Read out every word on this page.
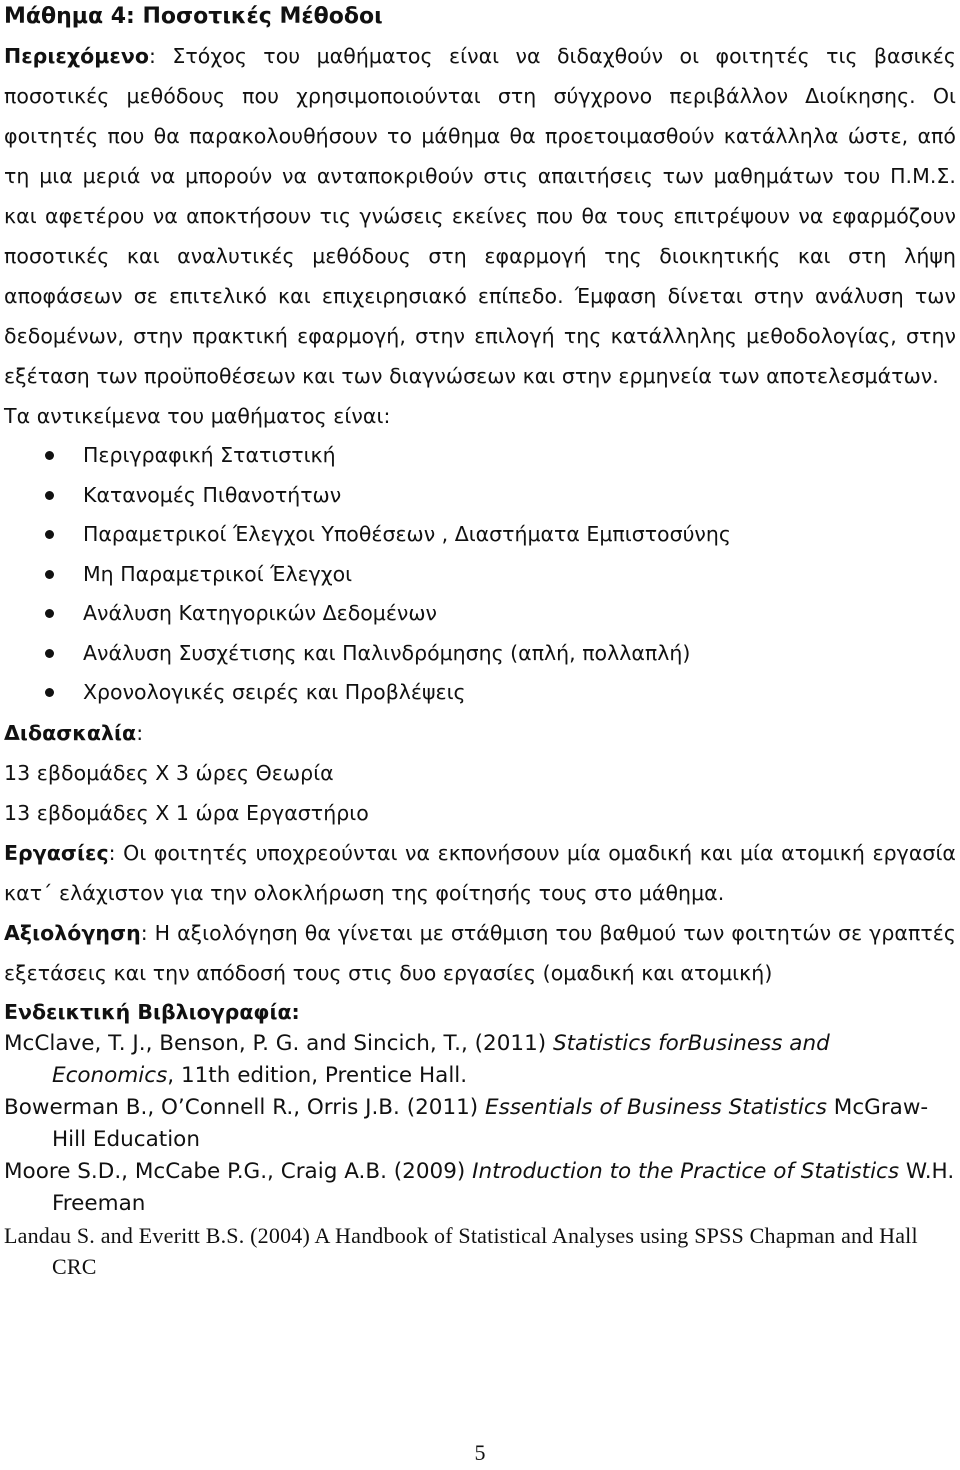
Μάθημα 4: Ποσοτικές Μέθοδοι

Περιεχόμενο: Στόχος του μαθήματος είναι να διδαχθούν οι φοιτητές τις βασικές ποσοτικές μεθόδους που χρησιμοποιούνται στη σύγχρονο περιβάλλον Διοίκησης. Οι φοιτητές που θα παρακολουθήσουν το μάθημα θα προετοιμασθούν κατάλληλα ώστε, από τη μια μεριά να μπορούν να ανταποκριθούν στις απαιτήσεις των μαθημάτων του Π.Μ.Σ. και αφετέρου να αποκτήσουν τις γνώσεις εκείνες που θα τους επιτρέψουν να εφαρμόζουν ποσοτικές και αναλυτικές μεθόδους στη εφαρμογή της διοικητικής και στη λήψη αποφάσεων σε επιτελικό και επιχειρησιακό επίπεδο. Έμφαση δίνεται στην ανάλυση των δεδομένων, στην πρακτική εφαρμογή, στην επιλογή της κατάλληλης μεθοδολογίας, στην εξέταση των προϋποθέσεων και των διαγνώσεων και στην ερμηνεία των αποτελεσμάτων.

Τα αντικείμενα του μαθήματος είναι:

Περιγραφική Στατιστική
Κατανομές Πιθανοτήτων
Παραμετρικοί Έλεγχοι Υποθέσεων , Διαστήματα Εμπιστοσύνης
Μη Παραμετρικοί Έλεγχοι
Ανάλυση Κατηγορικών Δεδομένων
Ανάλυση Συσχέτισης και Παλινδρόμησης (απλή, πολλαπλή)
Χρονολογικές σειρές και Προβλέψεις

Διδασκαλία:

13 εβδομάδες Χ 3 ώρες Θεωρία

13 εβδομάδες Χ 1 ώρα Εργαστήριο

Εργασίες: Οι φοιτητές υποχρεούνται να εκπονήσουν μία ομαδική και μία ατομική εργασία κατ΄ ελάχιστον για την ολοκλήρωση της φοίτησής τους στο μάθημα.

Αξιολόγηση: Η αξιολόγηση θα γίνεται με στάθμιση του βαθμού των φοιτητών σε γραπτές εξετάσεις και την απόδοσή τους στις δυο εργασίες (ομαδική και ατομική)

Ενδεικτική Βιβλιογραφία:

McClave, T. J., Benson, P. G. and Sincich, T., (2011) Statistics forBusiness and Economics, 11th edition, Prentice Hall.

Bowerman B., O’Connell R., Orris J.B. (2011) Essentials of Business Statistics McGraw-Hill Education

Moore S.D., McCabe P.G., Craig A.B. (2009) Introduction to the Practice of Statistics W.H. Freeman

Landau S. and Everitt B.S. (2004) A Handbook of Statistical Analyses using SPSS Chapman and Hall CRC

5
